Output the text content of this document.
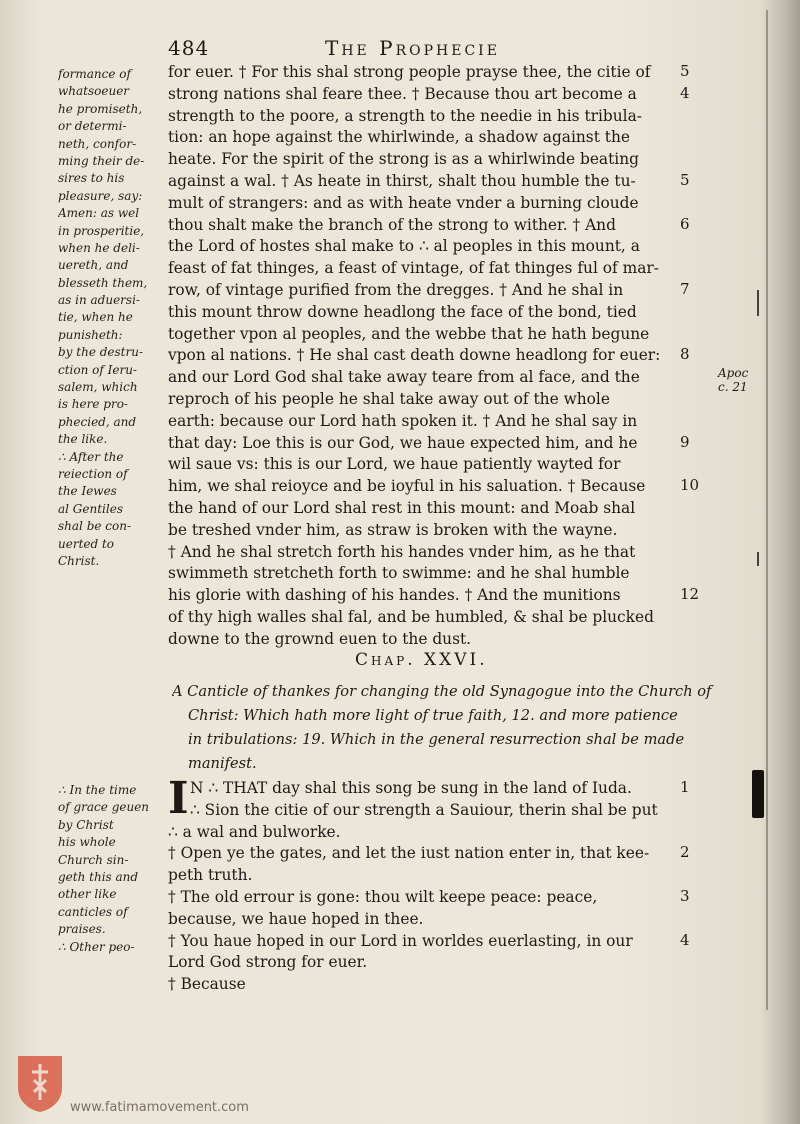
484	The Prophecie
formance of
whatsoeuer
he promiseth,
or determi-
neth, confor-
ming their de-
sires to his
pleasure, say:
Amen: as wel
in prosperitie,
when he deli-
uereth, and
blesseth them,
as in aduersi-
tie, when he
punisheth:
by the destru-
ction of Ieru-
salem, which
is here pro-
phecied, and
the like.
∴ After the
reiection of
the Iewes
al Gentiles
shal be con-
uerted to
Christ.
for euer. † For this shal strong people prayse thee, the citie of
strong nations shal feare thee. † Because thou art become a
strength to the poore, a strength to the needie in his tribula-
tion: an hope against the whirlwinde, a shadow against the
heate. For the spirit of the strong is as a whirlwinde beating
against a wal. † As heate in thirst, shalt thou humble the tu-
mult of strangers: and as with heate vnder a burning cloude
thou shalt make the branch of the strong to wither. † And
the Lord of hostes shal make to ∴ al peoples in this mount, a
feast of fat thinges, a feast of vintage, of fat thinges ful of mar-
row, of vintage purified from the dregges. † And he shal in
this mount throw downe headlong the face of the bond, tied
together vpon al peoples, and the webbe that he hath begune
vpon al nations. † He shal cast death downe headlong for euer:
and our Lord God shal take away teare from al face, and the
reproch of his people he shal take away out of the whole
earth: because our Lord hath spoken it. † And he shal say in
that day: Loe this is our God, we haue expected him, and he
wil saue vs: this is our Lord, we haue patiently wayted for
him, we shal reioyce and be ioyful in his saluation. † Because
the hand of our Lord shal rest in this mount: and Moab shal
be treshed vnder him, as straw is broken with the wayne.
† And he shal stretch forth his handes vnder him, as he that
swimmeth stretcheth forth to swimme: and he shal humble
his glorie with dashing of his handes. † And the munitions
of thy high walles shal fal, and be humbled, & shal be plucked
downe to the grownd euen to the dust.
5
4
5
6
7
8
9
10
12
Apoc
c. 21
Chap. XXVI.
A Canticle of thankes for changing the old Synagogue into the Church of
Christ: Which hath more light of true faith, 12. and more patience
in tribulations: 19. Which in the general resurrection shal be made
manifest.
I
∴ In the time
of grace geuen
by Christ
his whole
Church sin-
geth this and
other like
canticles of
praises.
∴ Other peo-
N ∴ THAT day shal this song be sung in the land of Iuda.
∴ Sion the citie of our strength a Sauiour, therin shal be put
∴ a wal and bulworke.
† Open ye the gates, and let the iust nation enter in, that kee-
peth truth.
† The old errour is gone: thou wilt keepe peace: peace,
because, we haue hoped in thee.
† You haue hoped in our Lord in worldes euerlasting, in our
Lord God strong for euer.
† Because
1
2
3
4
www.fatimamovement.com
